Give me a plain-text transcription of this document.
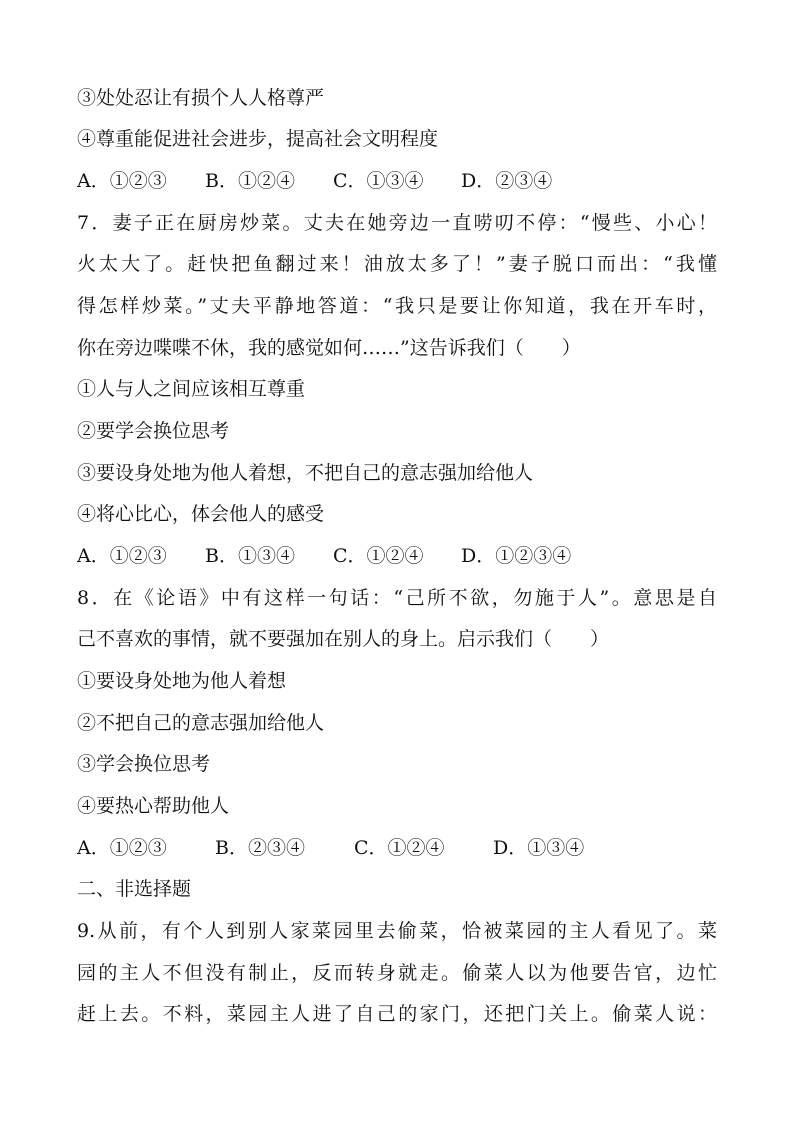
③处处忍让有损个人人格尊严
④尊重能促进社会进步，提高社会文明程度
A．①②③	B．①②④	C．①③④	D．②③④
7．妻子正在厨房炒菜。丈夫在她旁边一直唠叨不停：“慢些、小心！
火太大了。赶快把鱼翻过来！油放太多了！”妻子脱口而出：“我懂
得怎样炒菜。”丈夫平静地答道：“我只是要让你知道，我在开车时，
你在旁边喋喋不休，我的感觉如何……”这告诉我们（　　）
①人与人之间应该相互尊重
②要学会换位思考
③要设身处地为他人着想，不把自己的意志强加给他人
④将心比心，体会他人的感受
A．①②③	B．①③④	C．①②④	D．①②③④
8．在《论语》中有这样一句话：“己所不欲，勿施于人”。意思是自
己不喜欢的事情，就不要强加在别人的身上。启示我们（　　）
①要设身处地为他人着想
②不把自己的意志强加给他人
③学会换位思考
④要热心帮助他人
A．①②③	B．②③④	C．①②④	D．①③④
二、非选择题
9.从前，有个人到别人家菜园里去偷菜，恰被菜园的主人看见了。菜
园的主人不但没有制止，反而转身就走。偷菜人以为他要告官，边忙
赶上去。不料，菜园主人进了自己的家门，还把门关上。偷菜人说：
